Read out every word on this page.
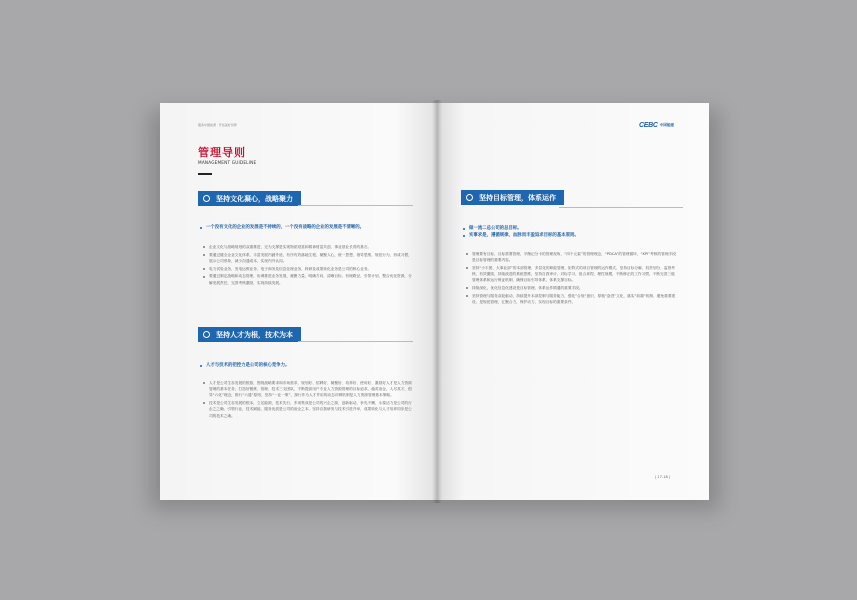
服务中国能源 · 开拓美好世界
管理导则
MANAGEMENT GUIDELINE
坚持文化凝心，战略聚力
一个没有文化的企业的发展是不持续的，一个没有战略的企业的发展是不清晰的。
企业文化与战略规划的双重推进，完为支撑是实现物质财富和精神财富共创，事业基业长青的基石。
要通过健全企业文化体系，丰富发展内涵外延，有序有效落地生根，凝聚人心，统一思想，指导思维，规范行为，形成习惯，展示公司形象，减少沟通成本，实现内外认同。
电力试验业务，发电运维业务，电子商务及信息化理业务，科研及成果转化业务是公司的核心业务。
要通过制定战略和动态管理，协调推进业务发展，凝聚力量，明确方向，清晰目标，有理路径，引领计划，整合优化资源，分解发展责任，完善考核激励，实现持续发展。
坚持人才为根，技术为本
人才与技术的把控力是公司的核心竞争力。
人才是公司生存发展的根基，围绕战略要求和市场需求，规划好、招聘好、凝聚好、培养好、使用好、激励好人才是人力资源管理的基本任务，打造好锻炼、管理、技术三支团队，不断提高用户专业人力资源管理的目标追求，稳英治企，人尽其才，倡导“六化”理念，推行“六通”原则，坚持“一业一策”，探行作为人才并用的动态评聘机制是人力资源管理基本策略。
技术是公司生存发展的根本，立足能源，技术先行，多项集成是公司的兴企之源，创新驱动，争先不懈，永葆活力是公司的行企之之确，引领行业，技术赋能，服务优质是公司的治企之本，坚持自我研发与技术引进并举，成果转化与人才培养同步是公司的技术之魂。
CEBC 中国能建
坚持目标管理，体系运作
做一流二总公司的总目标。
实事求是，遵循规律，血脉而丰盈追求目标的基本原则。
管理要有目标，目标需要管理，平衡记分卡的管理视角，“四个元素”的管理理念，“PDCA”的管理循环，“KPI”考核的管理手段是目标管理的重要内容。
坚持“小丰团，大事业部”的本部管理，多层化的职能管理，矩阵式的项目管理的运作模式，坚持目标分解，权责划分，监督考核，有效激励，持续改进的系统思维，坚持自我审计，对标学习，组合拿捏，理性规模，不断修正的工作习惯，不断完善三级管理体系和运行保证机制，确保目标引导体系，体系支撑目标。
持续深化，优化信息化建设是目标管理，体系运作精通的重要手段。
坚持管理与服务双轮驱动，持续提升本部控制与服务能力，强化“合规”意识，厚植“奋进”文化，落实“前端”机制，避免重要建设，是规范管理，汇聚合力，保护动力，实现目标的重要条件。
| 17-18 |
